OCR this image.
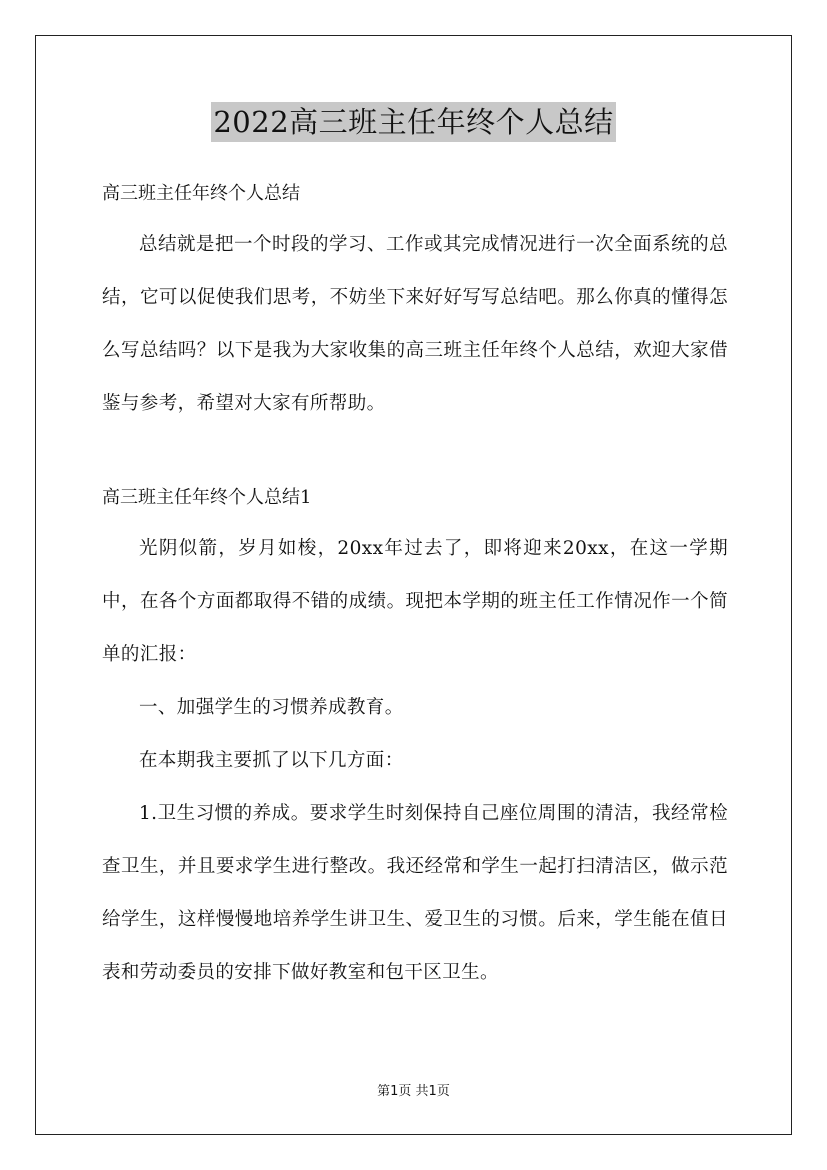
2022高三班主任年终个人总结

高三班主任年终个人总结

总结就是把一个时段的学习、工作或其完成情况进行一次全面系统的总结，它可以促使我们思考，不妨坐下来好好写写总结吧。那么你真的懂得怎么写总结吗？以下是我为大家收集的高三班主任年终个人总结，欢迎大家借鉴与参考，希望对大家有所帮助。

高三班主任年终个人总结1

光阴似箭，岁月如梭，20xx年过去了，即将迎来20xx，在这一学期中，在各个方面都取得不错的成绩。现把本学期的班主任工作情况作一个简单的汇报：

一、加强学生的习惯养成教育。

在本期我主要抓了以下几方面：

1.卫生习惯的养成。要求学生时刻保持自己座位周围的清洁，我经常检查卫生，并且要求学生进行整改。我还经常和学生一起打扫清洁区，做示范给学生，这样慢慢地培养学生讲卫生、爱卫生的习惯。后来，学生能在值日表和劳动委员的安排下做好教室和包干区卫生。

第1页 共1页
